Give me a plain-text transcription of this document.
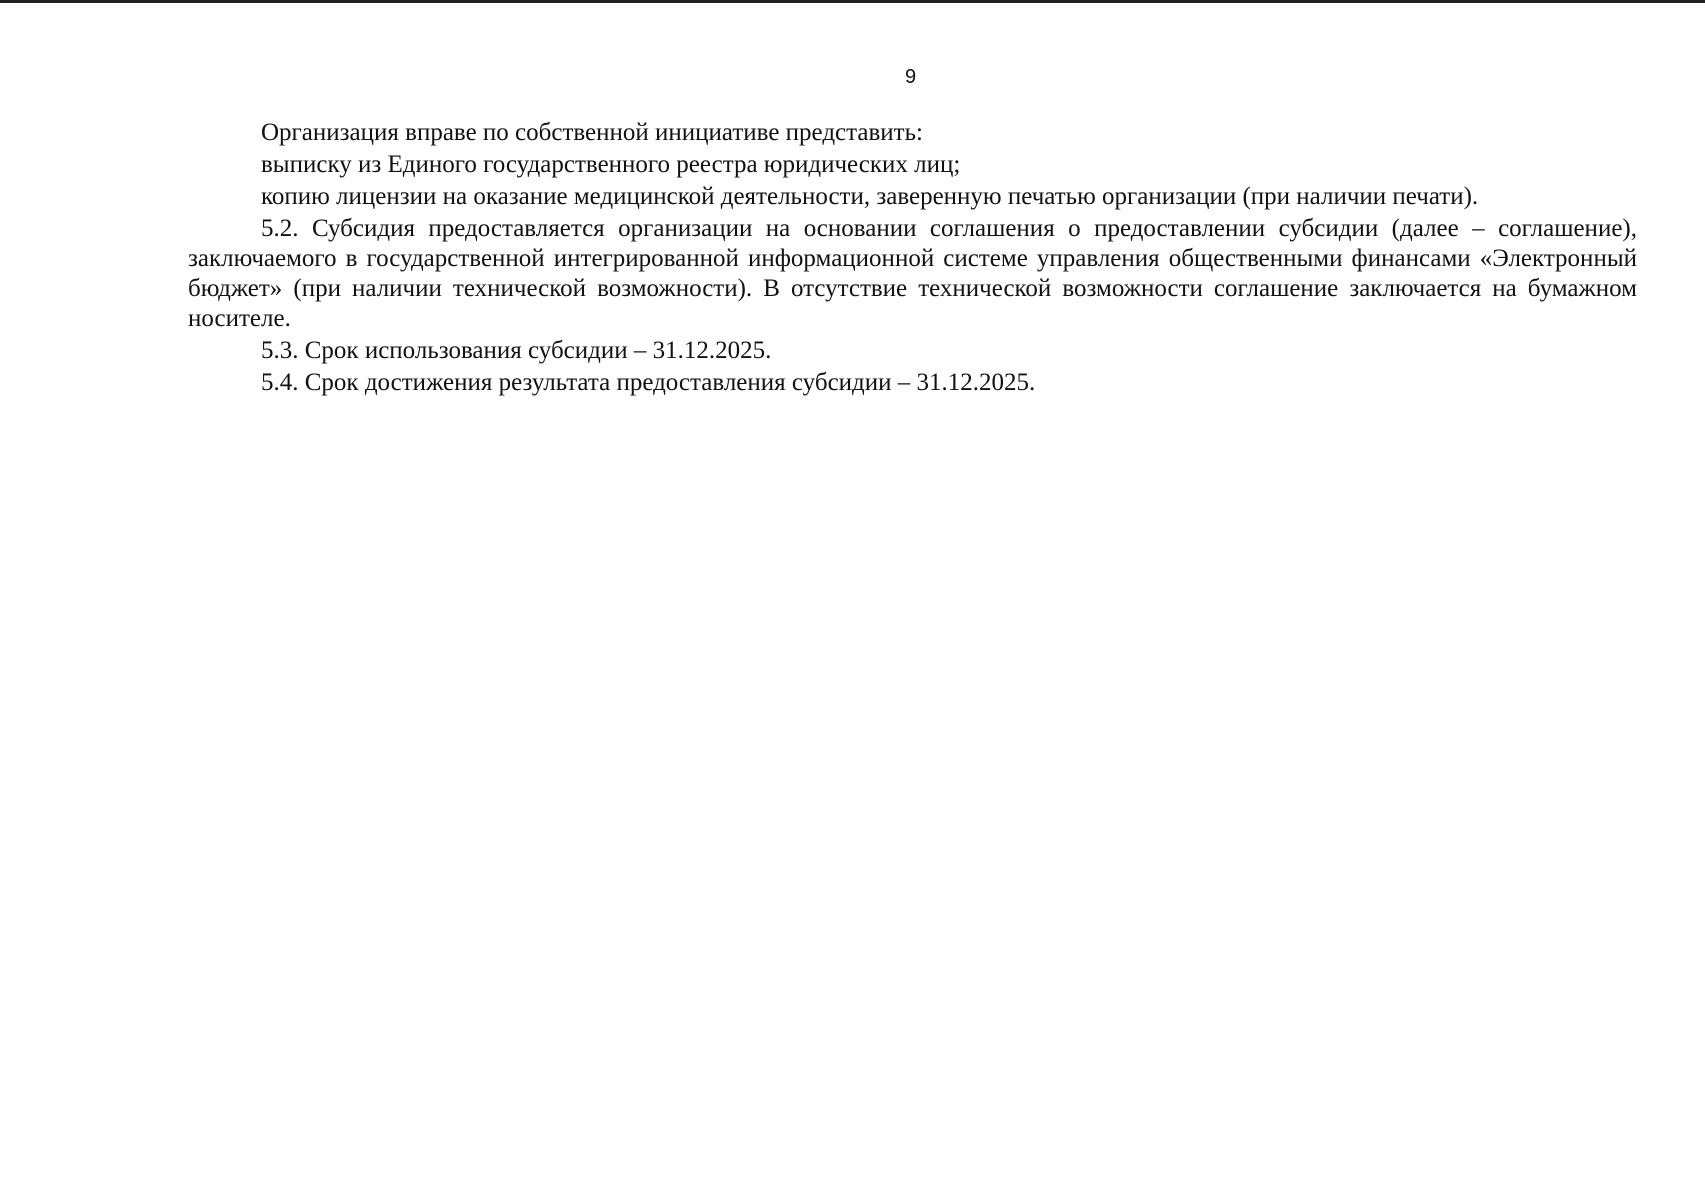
9

Организация вправе по собственной инициативе представить:

выписку из Единого государственного реестра юридических лиц;

копию лицензии на оказание медицинской деятельности, заверенную печатью организации (при наличии печати).

5.2. Субсидия предоставляется организации на основании соглашения о предоставлении субсидии (далее – соглашение), заключаемого в государственной интегрированной информационной системе управления общественными финансами «Электронный бюджет» (при наличии технической возможности). В отсутствие технической возможности соглашение заключается на бумажном носителе.

5.3. Срок использования субсидии – 31.12.2025.

5.4. Срок достижения результата предоставления субсидии – 31.12.2025.
